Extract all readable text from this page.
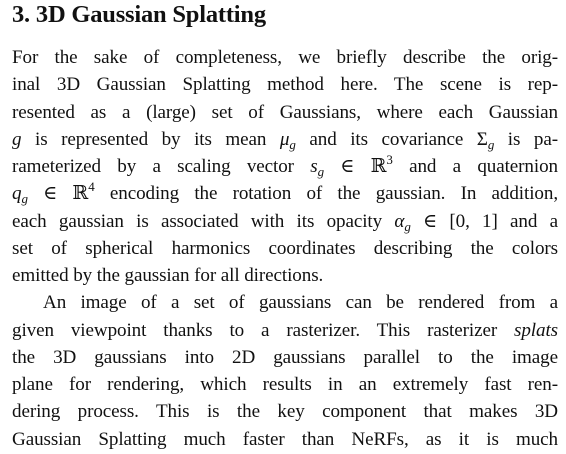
3. 3D Gaussian Splatting
For the sake of completeness, we briefly describe the orig-
inal 3D Gaussian Splatting method here. The scene is rep-
resented as a (large) set of Gaussians, where each Gaussian
g is represented by its mean $\mu_g$ and its covariance $\Sigma_g$ is pa-
rameterized by a scaling vector $s_g$ ∈ ℝ$^3$ and a quaternion
$q_g$ ∈ ℝ$^4$ encoding the rotation of the gaussian. In addition,
each gaussian is associated with its opacity $\alpha_g$ ∈ [0, 1] and a
set of spherical harmonics coordinates describing the colors
emitted by the gaussian for all directions.
An image of a set of gaussians can be rendered from a
given viewpoint thanks to a rasterizer. This rasterizer splats
the 3D gaussians into 2D gaussians parallel to the image
plane for rendering, which results in an extremely fast ren-
dering process. This is the key component that makes 3D
Gaussian Splatting much faster than NeRFs, as it is much
